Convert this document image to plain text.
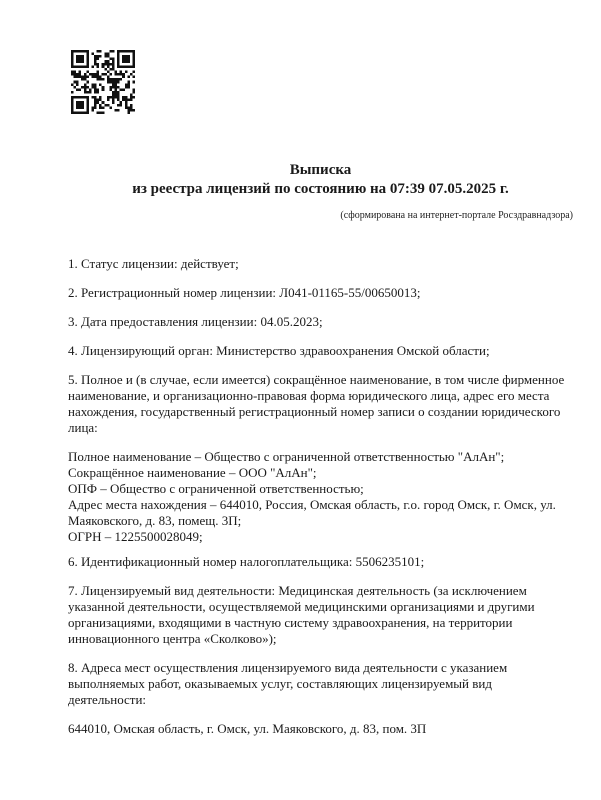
Выписка
из реестра лицензий по состоянию на 07:39 07.05.2025 г.
(сформирована на интернет-портале Росздравнадзора)

1. Статус лицензии: действует;

2. Регистрационный номер лицензии: Л041-01165-55/00650013;

3. Дата предоставления лицензии: 04.05.2023;

4. Лицензирующий орган: Министерство здравоохранения Омской области;

5. Полное и (в случае, если имеется) сокращённое наименование, в том числе фирменное наименование, и организационно-правовая форма юридического лица, адрес его места нахождения, государственный регистрационный номер записи о создании юридического лица:

Полное наименование – Общество с ограниченной ответственностью "АлАн";
Сокращённое наименование – ООО "АлАн";
ОПФ – Общество с ограниченной ответственностью;
Адрес места нахождения – 644010, Россия, Омская область, г.о. город Омск, г. Омск, ул. Маяковского, д. 83, помещ. 3П;
ОГРН – 1225500028049;

6. Идентификационный номер налогоплательщика: 5506235101;

7. Лицензируемый вид деятельности: Медицинская деятельность (за исключением указанной деятельности, осуществляемой медицинскими организациями и другими организациями, входящими в частную систему здравоохранения, на территории инновационного центра «Сколково»);

8. Адреса мест осуществления лицензируемого вида деятельности с указанием выполняемых работ, оказываемых услуг, составляющих лицензируемый вид деятельности:

644010, Омская область, г. Омск, ул. Маяковского, д. 83, пом. 3П
